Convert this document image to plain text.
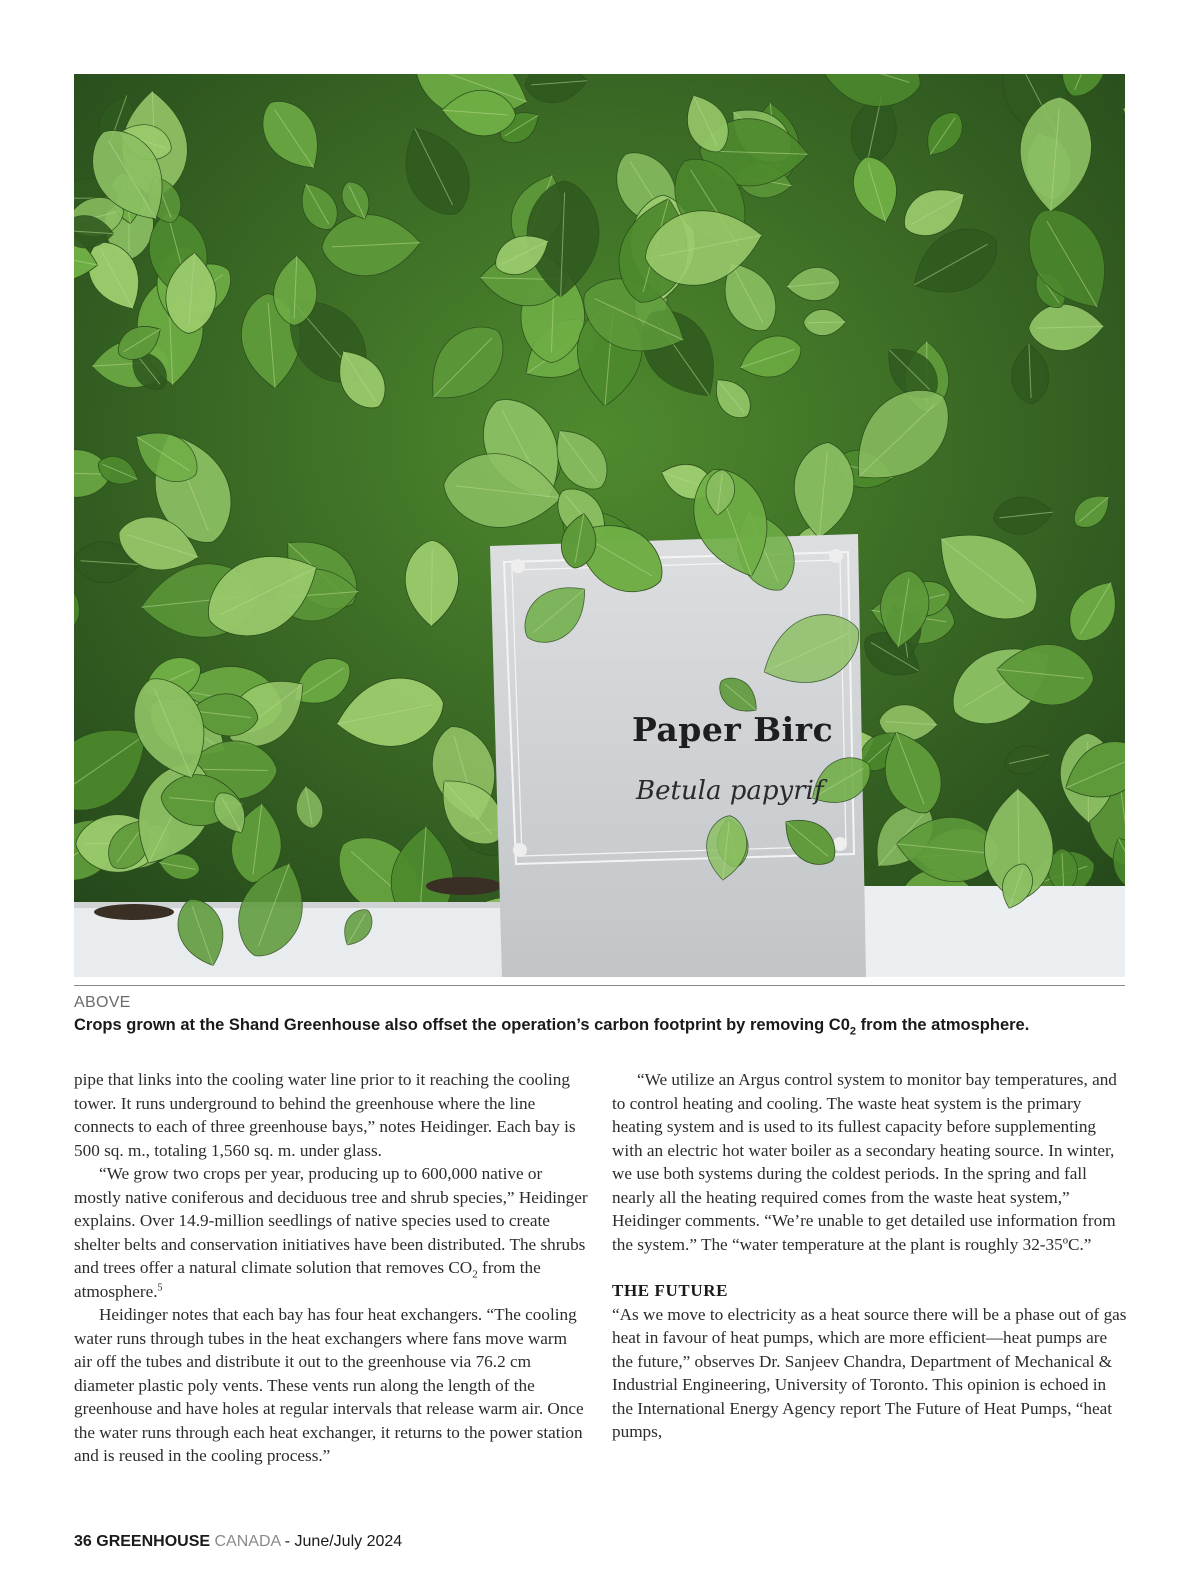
Paper Birc
Betula papyrif
ABOVE
Crops grown at the Shand Greenhouse also offset the operation’s carbon footprint by removing $C0_2$ from the atmosphere.

pipe that links into the cooling water line prior to it reaching the cooling tower. It runs underground to behind the greenhouse where the line connects to each of three greenhouse bays,” notes Heidinger. Each bay is 500 sq. m., totaling 1,560 sq. m. under glass.

“We grow two crops per year, producing up to 600,000 native or mostly native coniferous and deciduous tree and shrub species,” Heidinger explains. Over 14.9-million seedlings of native species used to create shelter belts and conservation initiatives have been distributed. The shrubs and trees offer a natural climate solution that removes $CO_2$ from the atmosphere.$^5$

Heidinger notes that each bay has four heat exchangers. “The cooling water runs through tubes in the heat exchangers where fans move warm air off the tubes and distribute it out to the greenhouse via 76.2 cm diameter plastic poly vents. These vents run along the length of the greenhouse and have holes at regular intervals that release warm air. Once the water runs through each heat exchanger, it returns to the power station and is reused in the cooling process.”

“We utilize an Argus control system to monitor bay temperatures, and to control heating and cooling. The waste heat system is the primary heating system and is used to its fullest capacity before supplementing with an electric hot water boiler as a secondary heating source. In winter, we use both systems during the coldest periods. In the spring and fall nearly all the heating required comes from the waste heat system,” Heidinger comments. “We’re unable to get detailed use information from the system.” The “water temperature at the plant is roughly 32-35ºC.”

THE FUTURE

“As we move to electricity as a heat source there will be a phase out of gas heat in favour of heat pumps, which are more efficient—heat pumps are the future,” observes Dr. Sanjeev Chandra, Department of Mechanical & Industrial Engineering, University of Toronto. This opinion is echoed in the International Energy Agency report The Future of Heat Pumps, “heat pumps,

36 GREENHOUSE CANADA - June/July 2024
